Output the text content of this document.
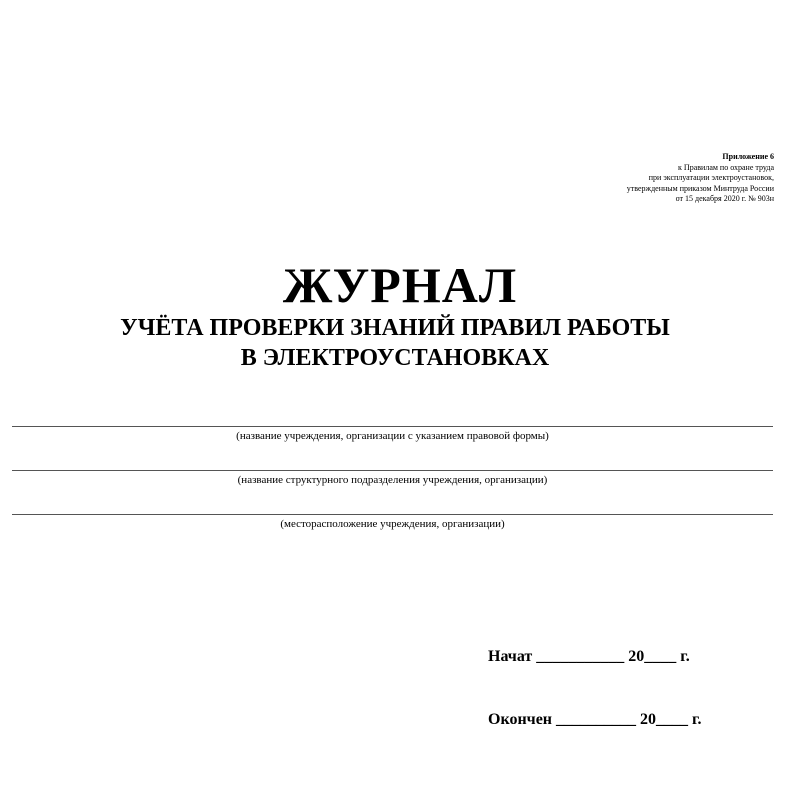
Приложение 6
к Правилам по охране труда
при эксплуатации электроустановок,
утвержденным приказом Минтруда России
от 15 декабря 2020 г. № 903н
ЖУРНАЛ
УЧЁТА ПРОВЕРКИ ЗНАНИЙ ПРАВИЛ РАБОТЫ
В ЭЛЕКТРОУСТАНОВКАХ
(название учреждения, организации с указанием правовой формы)
(название структурного подразделения учреждения, организации)
(месторасположение учреждения, организации)

Начат ___________ 20____ г.

Окончен __________ 20____ г.
